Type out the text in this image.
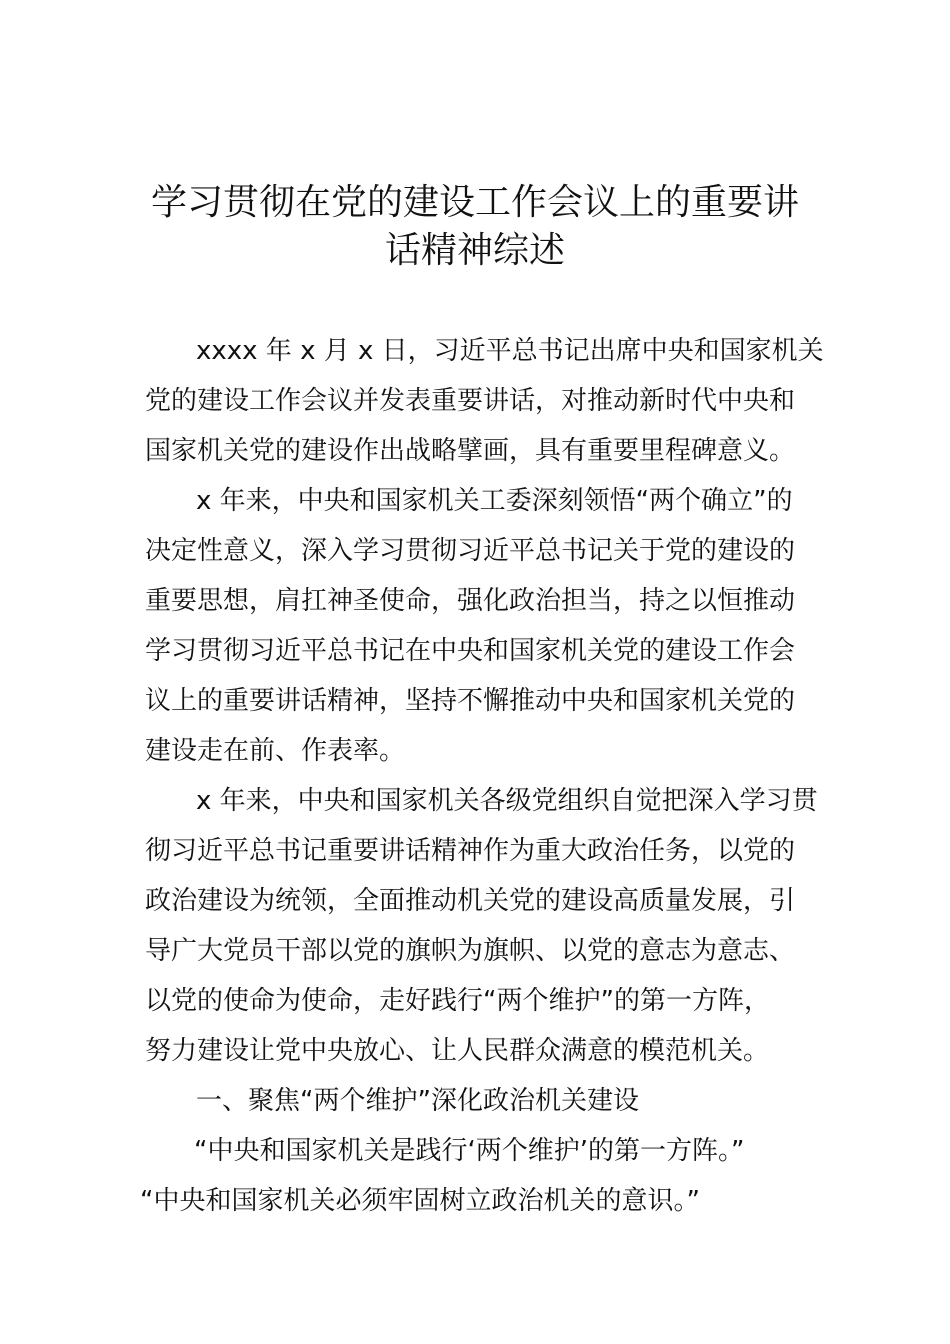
学习贯彻在党的建设工作会议上的重要讲
话精神综述
xxxx 年 x 月 x 日，习近平总书记出席中央和国家机关
党的建设工作会议并发表重要讲话，对推动新时代中央和
国家机关党的建设作出战略擘画，具有重要里程碑意义。
x 年来，中央和国家机关工委深刻领悟“两个确立”的
决定性意义，深入学习贯彻习近平总书记关于党的建设的
重要思想，肩扛神圣使命，强化政治担当，持之以恒推动
学习贯彻习近平总书记在中央和国家机关党的建设工作会
议上的重要讲话精神，坚持不懈推动中央和国家机关党的
建设走在前、作表率。
x 年来，中央和国家机关各级党组织自觉把深入学习贯
彻习近平总书记重要讲话精神作为重大政治任务，以党的
政治建设为统领，全面推动机关党的建设高质量发展，引
导广大党员干部以党的旗帜为旗帜、以党的意志为意志、
以党的使命为使命，走好践行“两个维护”的第一方阵，
努力建设让党中央放心、让人民群众满意的模范机关。
一、聚焦“两个维护”深化政治机关建设
“中央和国家机关是践行‘两个维护’的第一方阵。”
“中央和国家机关必须牢固树立政治机关的意识。”
